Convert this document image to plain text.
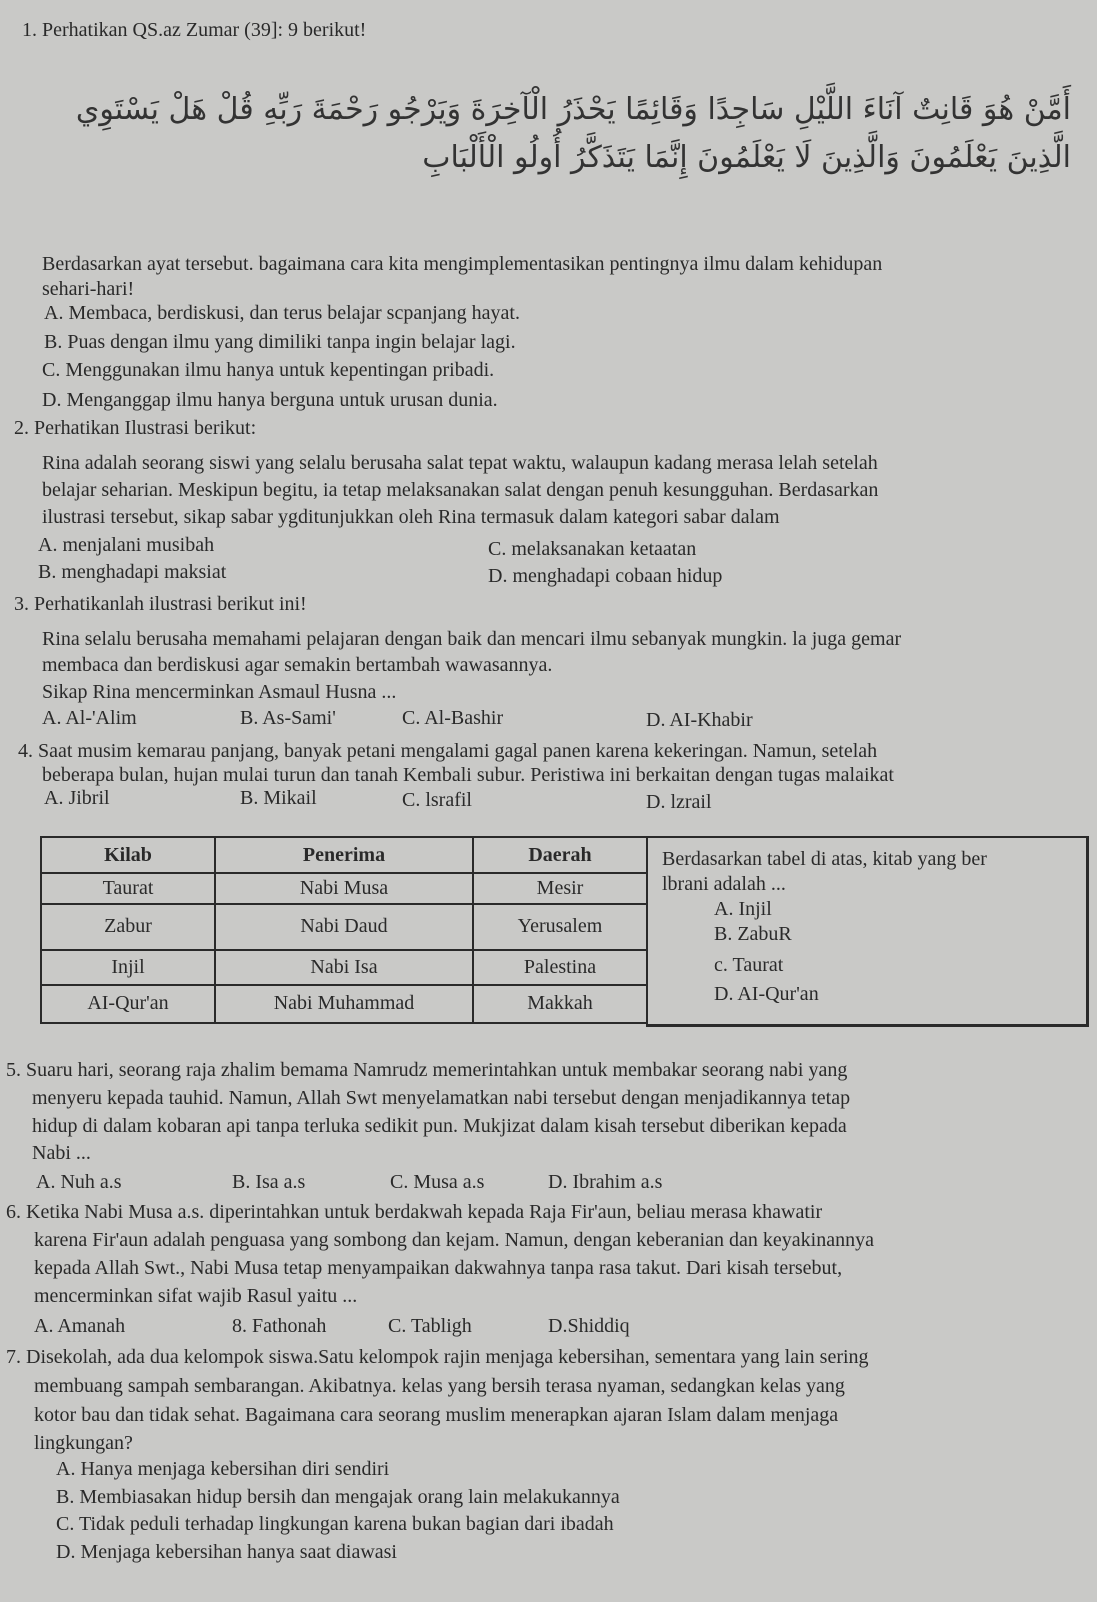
1. Perhatikan QS.az Zumar (39]: 9 berikut!
أَمَّنْ هُوَ قَانِتٌ آنَاءَ اللَّيْلِ سَاجِدًا وَقَائِمًا يَحْذَرُ الْآخِرَةَ وَيَرْجُو رَحْمَةَ رَبِّهِ قُلْ هَلْ يَسْتَوِي
الَّذِينَ يَعْلَمُونَ وَالَّذِينَ لَا يَعْلَمُونَ إِنَّمَا يَتَذَكَّرُ أُولُو الْأَلْبَابِ
Berdasarkan ayat tersebut. bagaimana cara kita mengimplementasikan pentingnya ilmu dalam kehidupan
sehari-hari!
A. Membaca, berdiskusi, dan terus belajar scpanjang hayat.
B. Puas dengan ilmu yang dimiliki tanpa ingin belajar lagi.
C. Menggunakan ilmu hanya untuk kepentingan pribadi.
D. Menganggap ilmu hanya berguna untuk urusan dunia.
2. Perhatikan Ilustrasi berikut:
Rina adalah seorang siswi yang selalu berusaha salat tepat waktu, walaupun kadang merasa lelah setelah
belajar seharian. Meskipun begitu, ia tetap melaksanakan salat dengan penuh kesungguhan. Berdasarkan
ilustrasi tersebut, sikap sabar ygditunjukkan oleh Rina termasuk dalam kategori sabar dalam
A. menjalani musibah	C. melaksanakan ketaatan
B. menghadapi maksiat	D. menghadapi cobaan hidup
3. Perhatikanlah ilustrasi berikut ini!
Rina selalu berusaha memahami pelajaran dengan baik dan mencari ilmu sebanyak mungkin. la juga gemar
membaca dan berdiskusi agar semakin bertambah wawasannya.
Sikap Rina mencerminkan Asmaul Husna ...
A. Al-'Alim	B. As-Sami'	C. Al-Bashir	D. AI-Khabir
4. Saat musim kemarau panjang, banyak petani mengalami gagal panen karena kekeringan. Namun, setelah
beberapa bulan, hujan mulai turun dan tanah Kembali subur. Peristiwa ini berkaitan dengan tugas malaikat
A. Jibril	B. Mikail	C. lsrafil	D. lzrail
Kilab	Penerima	Daerah
Taurat	Nabi Musa	Mesir
Zabur	Nabi Daud	Yerusalem
Injil	Nabi Isa	Palestina
AI-Qur'an	Nabi Muhammad	Makkah
Berdasarkan tabel di atas, kitab yang ber
lbrani adalah ...
A. Injil
B. ZabuR
c. Taurat
D. AI-Qur'an
5. Suaru hari, seorang raja zhalim bemama Namrudz memerintahkan untuk membakar seorang nabi yang
menyeru kepada tauhid. Namun, Allah Swt menyelamatkan nabi tersebut dengan menjadikannya tetap
hidup di dalam kobaran api tanpa terluka sedikit pun. Mukjizat dalam kisah tersebut diberikan kepada
Nabi ...
A. Nuh a.s	B. Isa a.s	C. Musa a.s	D. Ibrahim a.s
6. Ketika Nabi Musa a.s. diperintahkan untuk berdakwah kepada Raja Fir'aun, beliau merasa khawatir
karena Fir'aun adalah penguasa yang sombong dan kejam. Namun, dengan keberanian dan keyakinannya
kepada Allah Swt., Nabi Musa tetap menyampaikan dakwahnya tanpa rasa takut. Dari kisah tersebut,
mencerminkan sifat wajib Rasul yaitu ...
A. Amanah	8. Fathonah	C. Tabligh	D.Shiddiq
7. Disekolah, ada dua kelompok siswa.Satu kelompok rajin menjaga kebersihan, sementara yang lain sering
membuang sampah sembarangan. Akibatnya. kelas yang bersih terasa nyaman, sedangkan kelas yang
kotor bau dan tidak sehat. Bagaimana cara seorang muslim menerapkan ajaran Islam dalam menjaga
lingkungan?
A. Hanya menjaga kebersihan diri sendiri
B. Membiasakan hidup bersih dan mengajak orang lain melakukannya
C. Tidak peduli terhadap lingkungan karena bukan bagian dari ibadah
D. Menjaga kebersihan hanya saat diawasi
